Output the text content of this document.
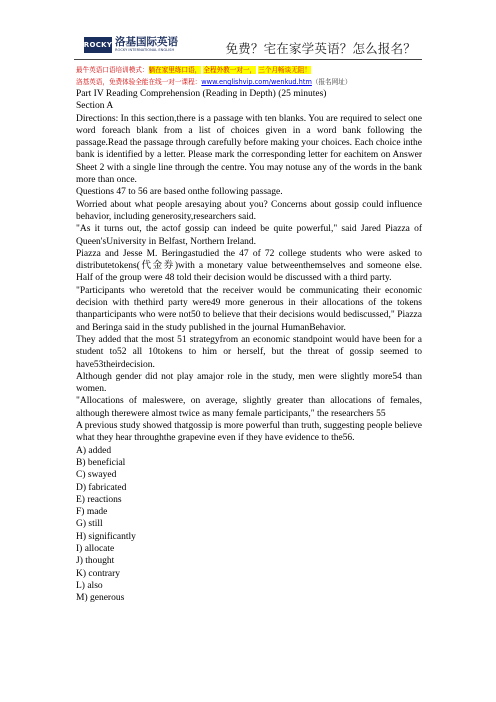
ROCKY 洛基国际英语
ROCKY INTERNATIONAL ENGLISH	免费？宅在家学英语？怎么报名？
最牛英语口语培训模式：躺在家里练口语， 全程外教一对一， 三个月畅谈无阻！
洛基英语，免费体验全能在线一对一课程：www.englishvip.com/wenkud.htm（报名网址）

Part IV Reading Comprehension (Reading in Depth) (25 minutes)

Section A

Directions: In this section,there is a passage with ten blanks. You are required to select one word foreach blank from a list of choices given in a word bank following the passage.Read the passage through carefully before making your choices. Each choice inthe bank is identified by a letter. Please mark the corresponding letter for eachitem on Answer Sheet 2 with a single line through the centre. You may notuse any of the words in the bank more than once.

Questions 47 to 56 are based onthe following passage.

Worried about what people aresaying about you? Concerns about gossip could influence behavior, including generosity,researchers said.

"As it turns out, the actof gossip can indeed be quite powerful," said Jared Piazza of Queen'sUniversity in Belfast, Northern Ireland.

Piazza and Jesse M. Beringastudied the 47 of 72 college students who were asked to distributetokens(代金券)with a monetary value betweenthemselves and someone else. Half of the group were 48 told their decision would be discussed with a third party.

"Participants who weretold that the receiver would be communicating their economic decision with thethird party were49 more generous in their allocations of the tokens thanparticipants who were not50 to believe that their decisions would bediscussed," Piazza and Beringa said in the study published in the journal HumanBehavior.

They added that the most 51 strategyfrom an economic standpoint would have been for a student to52 all 10tokens to him or herself, but the threat of gossip seemed to have53theirdecision.

Although gender did not play amajor role in the study, men were slightly more54 than women.

"Allocations of maleswere, on average, slightly greater than allocations of females, although therewere almost twice as many female participants," the researchers 55

A previous study showed thatgossip is more powerful than truth, suggesting people believe what they hear throughthe grapevine even if they have evidence to the56.

A) added

B) beneficial

C) swayed

D) fabricated

E) reactions

F) made

G) still

H) significantly

I) allocate

J) thought

K) contrary

L) also

M) generous
